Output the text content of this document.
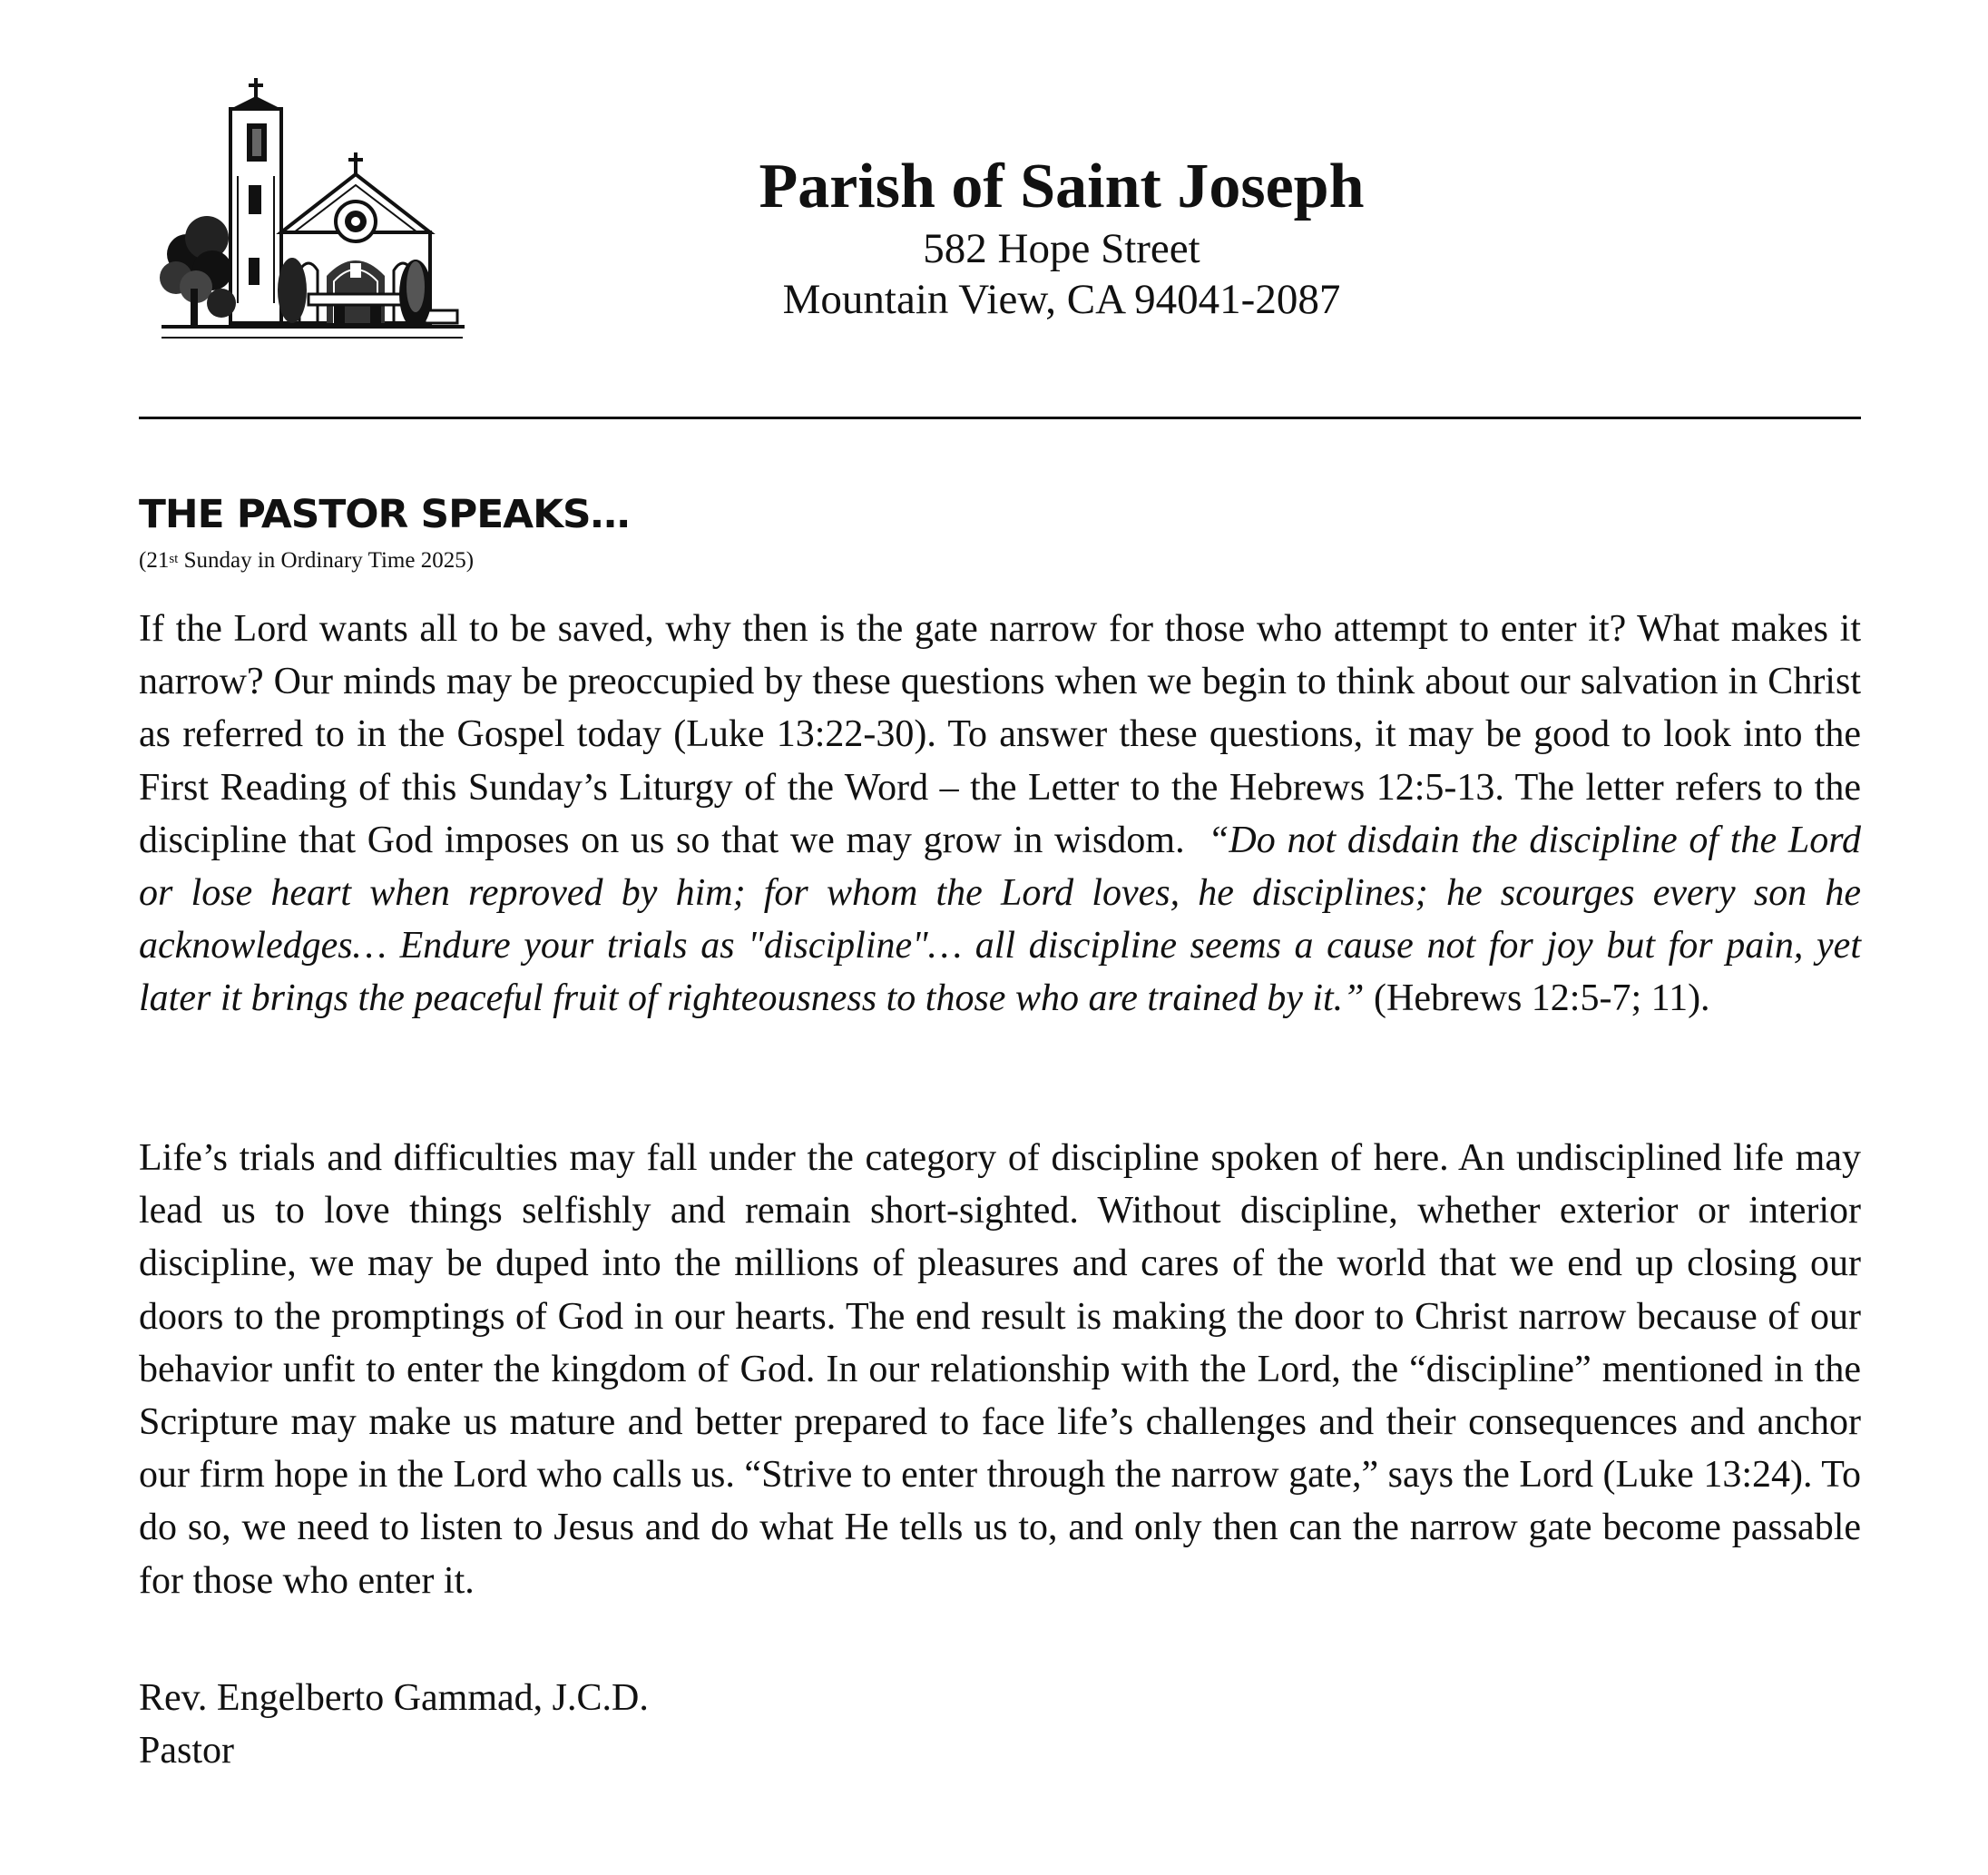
Parish of Saint Joseph

582 Hope Street

Mountain View, CA 94041-2087

THE PASTOR SPEAKS…

(21st Sunday in Ordinary Time 2025)

If the Lord wants all to be saved, why then is the gate narrow for those who attempt to enter it? What makes it narrow? Our minds may be preoccupied by these questions when we begin to think about our salvation in Christ as referred to in the Gospel today (Luke 13:22-30). To answer these questions, it may be good to look into the First Reading of this Sunday’s Liturgy of the Word – the Letter to the Hebrews 12:5-13. The letter refers to the discipline that God imposes on us so that we may grow in wisdom. “Do not disdain the discipline of the Lord or lose heart when reproved by him; for whom the Lord loves, he disciplines; he scourges every son he acknowledges… Endure your trials as "discipline"… all discipline seems a cause not for joy but for pain, yet later it brings the peaceful fruit of righteousness to those who are trained by it.” (Hebrews 12:5-7; 11).

Life’s trials and difficulties may fall under the category of discipline spoken of here. An undisciplined life may lead us to love things selfishly and remain short-sighted. Without discipline, whether exterior or interior discipline, we may be duped into the millions of pleasures and cares of the world that we end up closing our doors to the promptings of God in our hearts. The end result is making the door to Christ narrow because of our behavior unfit to enter the kingdom of God. In our relationship with the Lord, the “discipline” mentioned in the Scripture may make us mature and better prepared to face life’s challenges and their consequences and anchor our firm hope in the Lord who calls us. “Strive to enter through the narrow gate,” says the Lord (Luke 13:24). To do so, we need to listen to Jesus and do what He tells us to, and only then can the narrow gate become passable for those who enter it.

Rev. Engelberto Gammad, J.C.D.
Pastor
